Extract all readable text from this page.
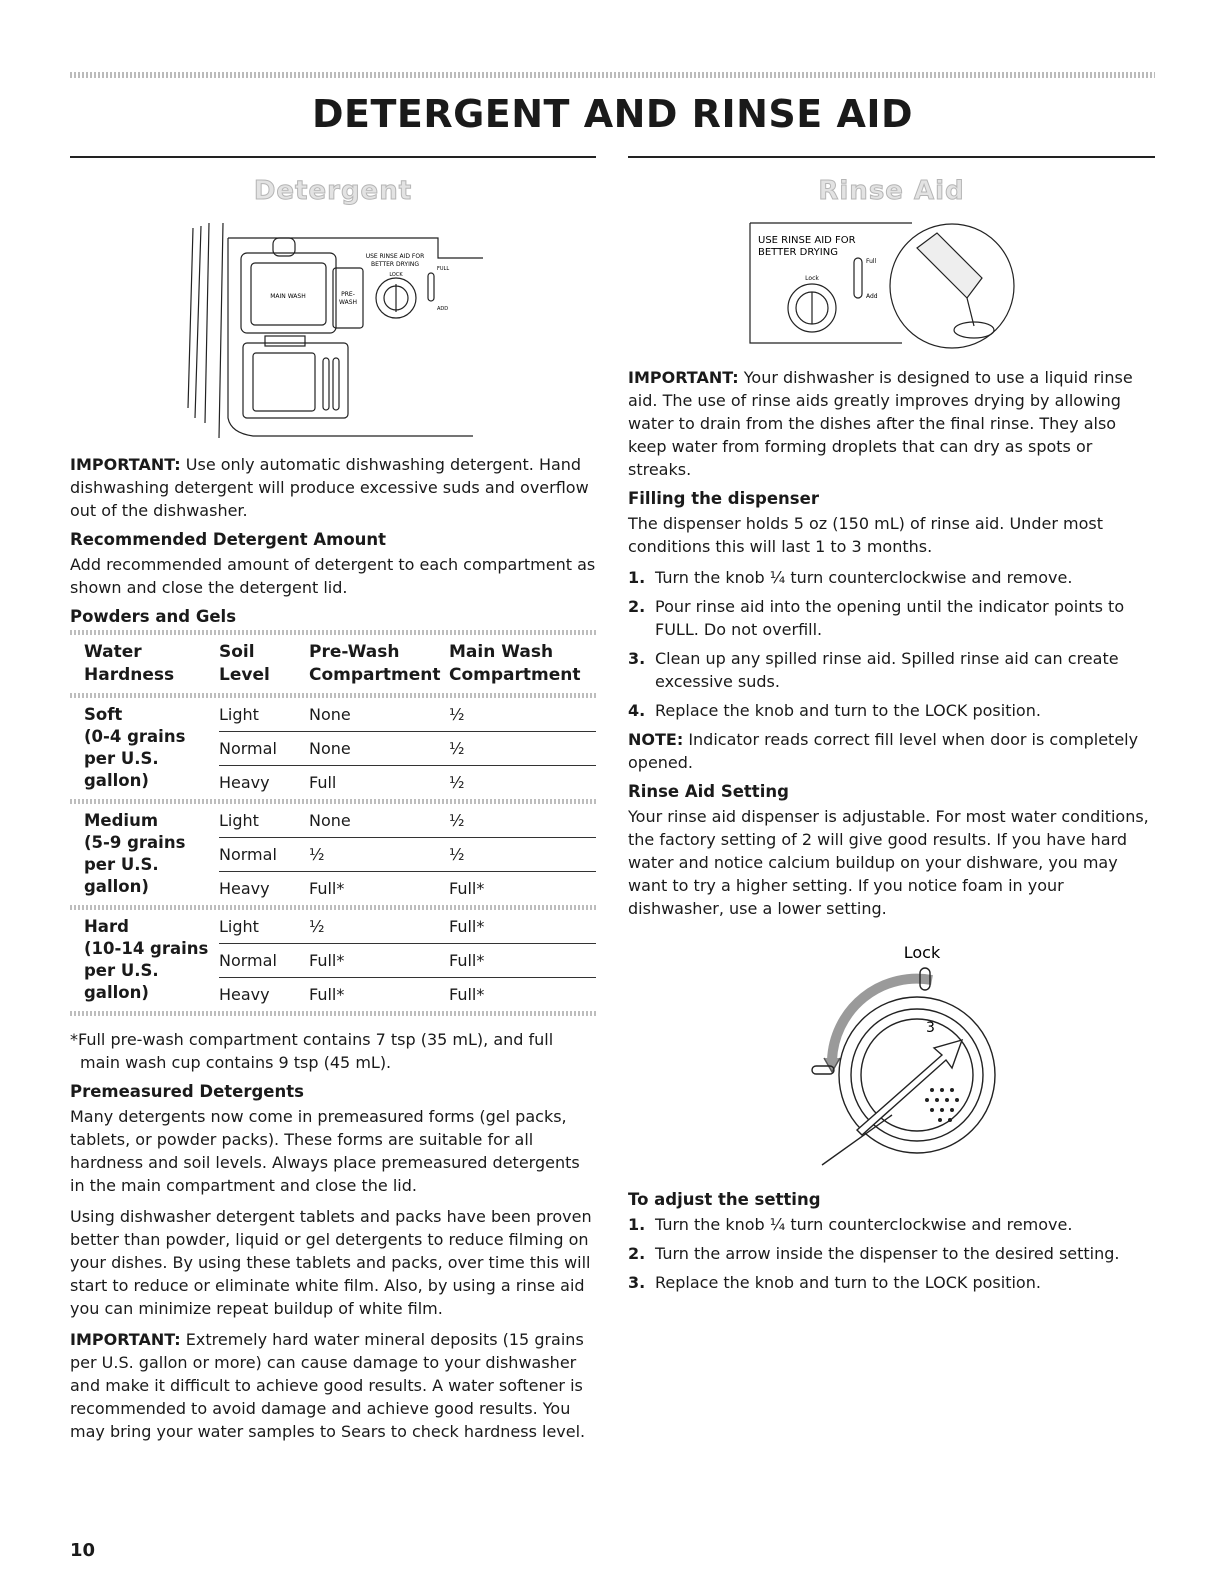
DETERGENT AND RINSE AID
Detergent
USE RINSE AID FOR
BETTER DRYING
LOCK
FULL
ADD
MAIN WASH	PRE-
WASH

IMPORTANT: Use only automatic dishwashing detergent. Hand dishwashing detergent will produce excessive suds and overflow out of the dishwasher.

Recommended Detergent Amount

Add recommended amount of detergent to each compartment as shown and close the detergent lid.

Powders and Gels

Water Hardness	Soil Level	Pre-Wash Compartment	Main Wash Compartment

Soft
(0-4 grains per U.S. gallon)	Light	None	½
	Normal	None	½
	Heavy	Full	½

Medium
(5-9 grains per U.S. gallon)	Light	None	½
	Normal	½	½
	Heavy	Full*	Full*

Hard
(10-14 grains per U.S. gallon)	Light	½	Full*
	Normal	Full*	Full*
	Heavy	Full*	Full*

*Full pre-wash compartment contains 7 tsp (35 mL), and full main wash cup contains 9 tsp (45 mL).

Premeasured Detergents

Many detergents now come in premeasured forms (gel packs, tablets, or powder packs). These forms are suitable for all hardness and soil levels. Always place premeasured detergents in the main compartment and close the lid.

Using dishwasher detergent tablets and packs have been proven better than powder, liquid or gel detergents to reduce filming on your dishes. By using these tablets and packs, over time this will start to reduce or eliminate white film. Also, by using a rinse aid you can minimize repeat buildup of white film.

IMPORTANT: Extremely hard water mineral deposits (15 grains per U.S. gallon or more) can cause damage to your dishwasher and make it difficult to achieve good results. A water softener is recommended to avoid damage and achieve good results. You may bring your water samples to Sears to check hardness level.

Rinse Aid
USE RINSE AID FOR
BETTER DRYING
Full
Add
Lock

IMPORTANT: Your dishwasher is designed to use a liquid rinse aid. The use of rinse aids greatly improves drying by allowing water to drain from the dishes after the final rinse. They also keep water from forming droplets that can dry as spots or streaks.

Filling the dispenser

The dispenser holds 5 oz (150 mL) of rinse aid. Under most conditions this will last 1 to 3 months.

1. Turn the knob ¼ turn counterclockwise and remove.
2. Pour rinse aid into the opening until the indicator points to FULL. Do not overfill.
3. Clean up any spilled rinse aid. Spilled rinse aid can create excessive suds.
4. Replace the knob and turn to the LOCK position.

NOTE: Indicator reads correct fill level when door is completely opened.

Rinse Aid Setting

Your rinse aid dispenser is adjustable. For most water conditions, the factory setting of 2 will give good results. If you have hard water and notice calcium buildup on your dishware, you may want to try a higher setting. If you notice foam in your dishwasher, use a lower setting.

Lock
3
To adjust the setting
1. Turn the knob ¼ turn counterclockwise and remove.
2. Turn the arrow inside the dispenser to the desired setting.
3. Replace the knob and turn to the LOCK position.
10
